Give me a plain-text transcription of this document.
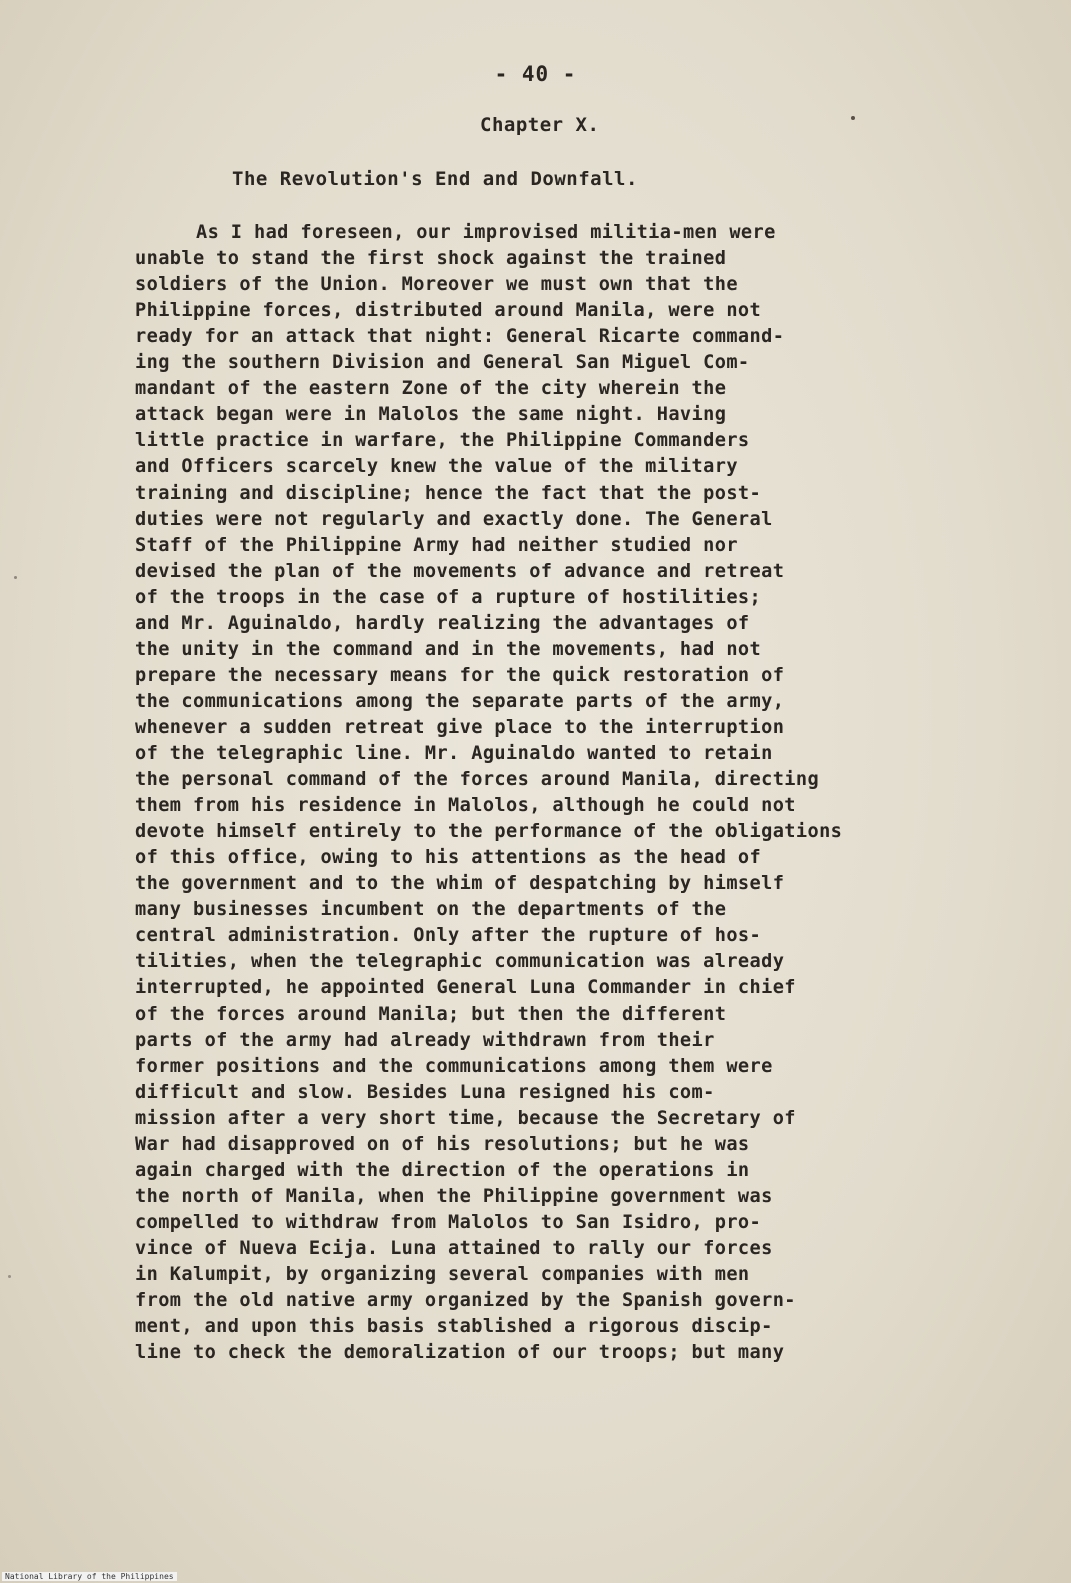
- 40 -
Chapter X.
The Revolution's End and Downfall.
As I had foreseen, our improvised militia-men were
unable to stand the first shock against the trained
soldiers of the Union. Moreover we must own that the
Philippine forces, distributed around Manila, were not
ready for an attack that night: General Ricarte command-
ing the southern Division and General San Miguel Com-
mandant of the eastern Zone of the city wherein the
attack began were in Malolos the same night. Having
little practice in warfare, the Philippine Commanders
and Officers scarcely knew the value of the military
training and discipline; hence the fact that the post-
duties were not regularly and exactly done. The General
Staff of the Philippine Army had neither studied nor
devised the plan of the movements of advance and retreat
of the troops in the case of a rupture of hostilities;
and Mr. Aguinaldo, hardly realizing the advantages of
the unity in the command and in the movements, had not
prepare the necessary means for the quick restoration of
the communications among the separate parts of the army,
whenever a sudden retreat give place to the interruption
of the telegraphic line. Mr. Aguinaldo wanted to retain
the personal command of the forces around Manila, directing
them from his residence in Malolos, although he could not
devote himself entirely to the performance of the obligations
of this office, owing to his attentions as the head of
the government and to the whim of despatching by himself
many businesses incumbent on the departments of the
central administration. Only after the rupture of hos-
tilities, when the telegraphic communication was already
interrupted, he appointed General Luna Commander in chief
of the forces around Manila; but then the different
parts of the army had already withdrawn from their
former positions and the communications among them were
difficult and slow. Besides Luna resigned his com-
mission after a very short time, because the Secretary of
War had disapproved on of his resolutions; but he was
again charged with the direction of the operations in
the north of Manila, when the Philippine government was
compelled to withdraw from Malolos to San Isidro, pro-
vince of Nueva Ecija. Luna attained to rally our forces
in Kalumpit, by organizing several companies with men
from the old native army organized by the Spanish govern-
ment, and upon this basis stablished a rigorous discip-
line to check the demoralization of our troops; but many
National Library of the Philippines
